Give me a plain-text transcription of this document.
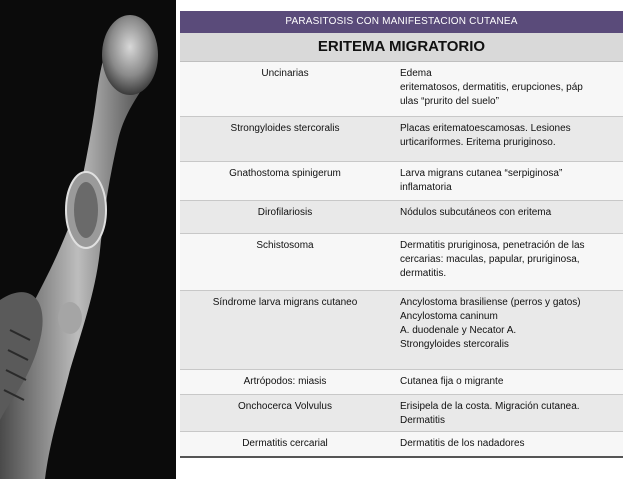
PARASITOSIS CON MANIFESTACION CUTANEA
ERITEMA MIGRATORIO
Uncinarias	Edema
eritematosos, dermatitis, erupciones, páp
ulas “prurito del suelo”
Strongyloides stercoralis	Placas eritematoescamosas. Lesiones
urticariformes. Eritema pruriginoso.
Gnathostoma spinigerum	Larva migrans cutanea “serpiginosa”
inflamatoria
Dirofilariosis	Nódulos subcutáneos con eritema
Schistosoma	Dermatitis pruriginosa, penetración de las
cercarias: maculas, papular, pruriginosa,
dermatitis.
Síndrome larva migrans cutaneo	Ancylostoma brasiliense (perros y gatos)
Ancylostoma caninum
A. duodenale y Necator A.
Strongyloides stercoralis
Artrópodos: miasis	Cutanea fija o migrante
Onchocerca Volvulus	Erisipela de la costa. Migración cutanea.
Dermatitis
Dermatitis cercarial	Dermatitis de los nadadores
